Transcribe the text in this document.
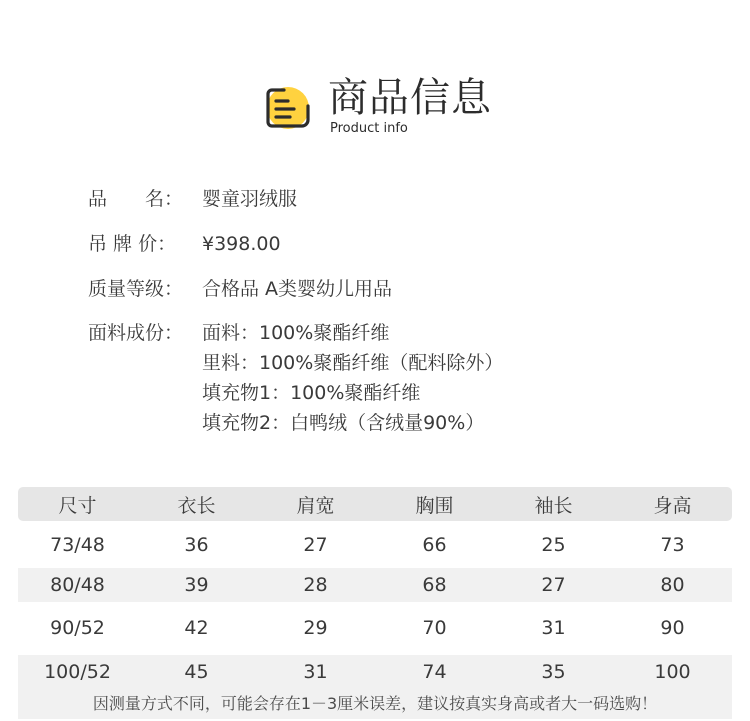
商品信息
Product info
品　　名： 婴童羽绒服
吊 牌 价：	¥398.00
质量等级： 合格品 A类婴幼儿用品
面料成份： 面料：100%聚酯纤维
里料：100%聚酯纤维（配料除外）
填充物1：100%聚酯纤维
填充物2：白鸭绒（含绒量90%）
尺寸	衣长	肩宽	胸围	袖长	身高
73/48	36	27	66	25	73
80/48	39	28	68	27	80
90/52	42	29	70	31	90
100/52	45	31	74	35	100
因测量方式不同，可能会存在1－3厘米误差，建议按真实身高或者大一码选购！
